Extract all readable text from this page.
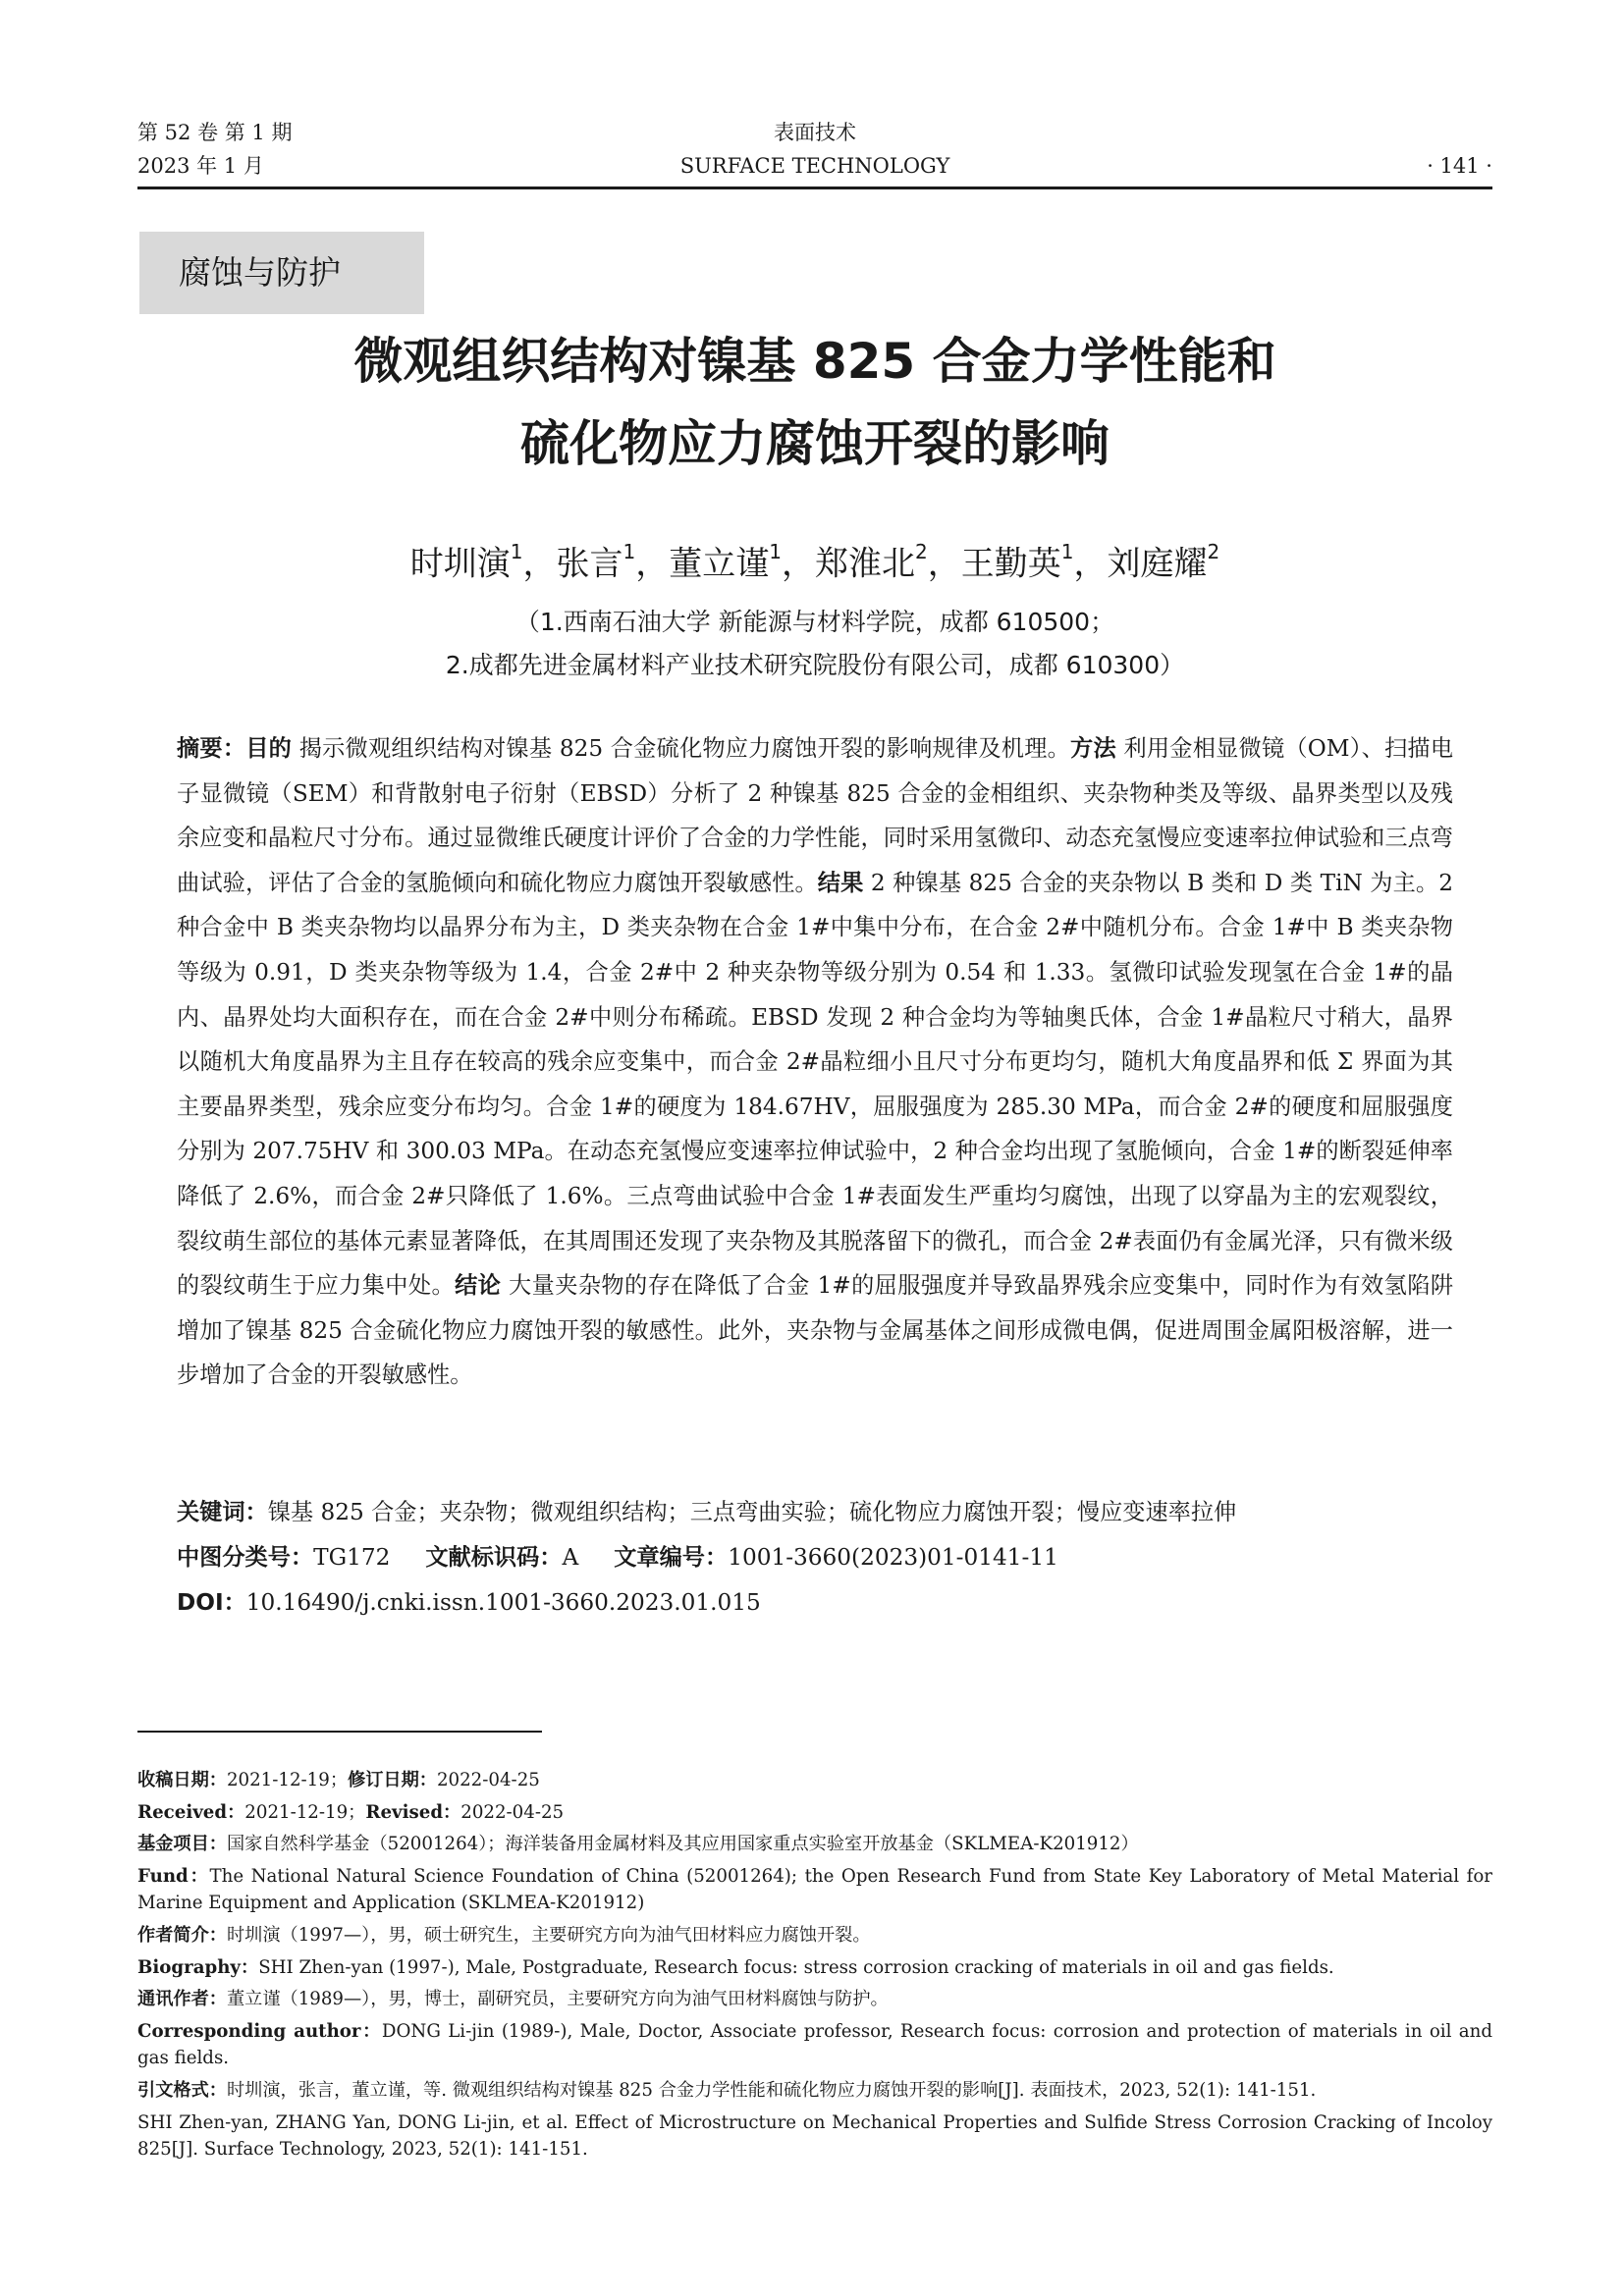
第 52 卷 第 1 期
2023 年 1 月
表面技术
SURFACE TECHNOLOGY	· 141 ·
腐蚀与防护
微观组织结构对镍基 825 合金力学性能和
硫化物应力腐蚀开裂的影响
时圳演$^1$，张言$^1$，董立谨$^1$，郑淮北$^2$，王勤英$^1$，刘庭耀$^2$
（1.西南石油大学 新能源与材料学院，成都 610500；
2.成都先进金属材料产业技术研究院股份有限公司，成都 610300）
摘要：目的 揭示微观组织结构对镍基 825 合金硫化物应力腐蚀开裂的影响规律及机理。方法 利用金相显微镜（OM）、扫描电子显微镜（SEM）和背散射电子衍射（EBSD）分析了 2 种镍基 825 合金的金相组织、夹杂物种类及等级、晶界类型以及残余应变和晶粒尺寸分布。通过显微维氏硬度计评价了合金的力学性能，同时采用氢微印、动态充氢慢应变速率拉伸试验和三点弯曲试验，评估了合金的氢脆倾向和硫化物应力腐蚀开裂敏感性。结果 2 种镍基 825 合金的夹杂物以 B 类和 D 类 TiN 为主。2 种合金中 B 类夹杂物均以晶界分布为主，D 类夹杂物在合金 1#中集中分布，在合金 2#中随机分布。合金 1#中 B 类夹杂物等级为 0.91，D 类夹杂物等级为 1.4，合金 2#中 2 种夹杂物等级分别为 0.54 和 1.33。氢微印试验发现氢在合金 1#的晶内、晶界处均大面积存在，而在合金 2#中则分布稀疏。EBSD 发现 2 种合金均为等轴奥氏体，合金 1#晶粒尺寸稍大，晶界以随机大角度晶界为主且存在较高的残余应变集中，而合金 2#晶粒细小且尺寸分布更均匀，随机大角度晶界和低 Σ 界面为其主要晶界类型，残余应变分布均匀。合金 1#的硬度为 184.67HV，屈服强度为 285.30 MPa，而合金 2#的硬度和屈服强度分别为 207.75HV 和 300.03 MPa。在动态充氢慢应变速率拉伸试验中，2 种合金均出现了氢脆倾向，合金 1#的断裂延伸率降低了 2.6%，而合金 2#只降低了 1.6%。三点弯曲试验中合金 1#表面发生严重均匀腐蚀，出现了以穿晶为主的宏观裂纹，裂纹萌生部位的基体元素显著降低，在其周围还发现了夹杂物及其脱落留下的微孔，而合金 2#表面仍有金属光泽，只有微米级的裂纹萌生于应力集中处。结论 大量夹杂物的存在降低了合金 1#的屈服强度并导致晶界残余应变集中，同时作为有效氢陷阱增加了镍基 825 合金硫化物应力腐蚀开裂的敏感性。此外，夹杂物与金属基体之间形成微电偶，促进周围金属阳极溶解，进一步增加了合金的开裂敏感性。
关键词：镍基 825 合金；夹杂物；微观组织结构；三点弯曲实验；硫化物应力腐蚀开裂；慢应变速率拉伸
中图分类号：TG172 文献标识码：A 文章编号：1001-3660(2023)01-0141-11
DOI：10.16490/j.cnki.issn.1001-3660.2023.01.015

收稿日期：2021-12-19；修订日期：2022-04-25

Received：2021-12-19；Revised：2022-04-25

基金项目：国家自然科学基金（52001264）；海洋装备用金属材料及其应用国家重点实验室开放基金（SKLMEA-K201912）

Fund：The National Natural Science Foundation of China (52001264); the Open Research Fund from State Key Laboratory of Metal Material for Marine Equipment and Application (SKLMEA-K201912)

作者简介：时圳演（1997—），男，硕士研究生，主要研究方向为油气田材料应力腐蚀开裂。

Biography：SHI Zhen-yan (1997-), Male, Postgraduate, Research focus: stress corrosion cracking of materials in oil and gas fields.

通讯作者：董立谨（1989—），男，博士，副研究员，主要研究方向为油气田材料腐蚀与防护。

Corresponding author：DONG Li-jin (1989-), Male, Doctor, Associate professor, Research focus: corrosion and protection of materials in oil and gas fields.

引文格式：时圳演，张言，董立谨，等. 微观组织结构对镍基 825 合金力学性能和硫化物应力腐蚀开裂的影响[J]. 表面技术，2023, 52(1): 141-151.

SHI Zhen-yan, ZHANG Yan, DONG Li-jin, et al. Effect of Microstructure on Mechanical Properties and Sulfide Stress Corrosion Cracking of Incoloy 825[J]. Surface Technology, 2023, 52(1): 141-151.
